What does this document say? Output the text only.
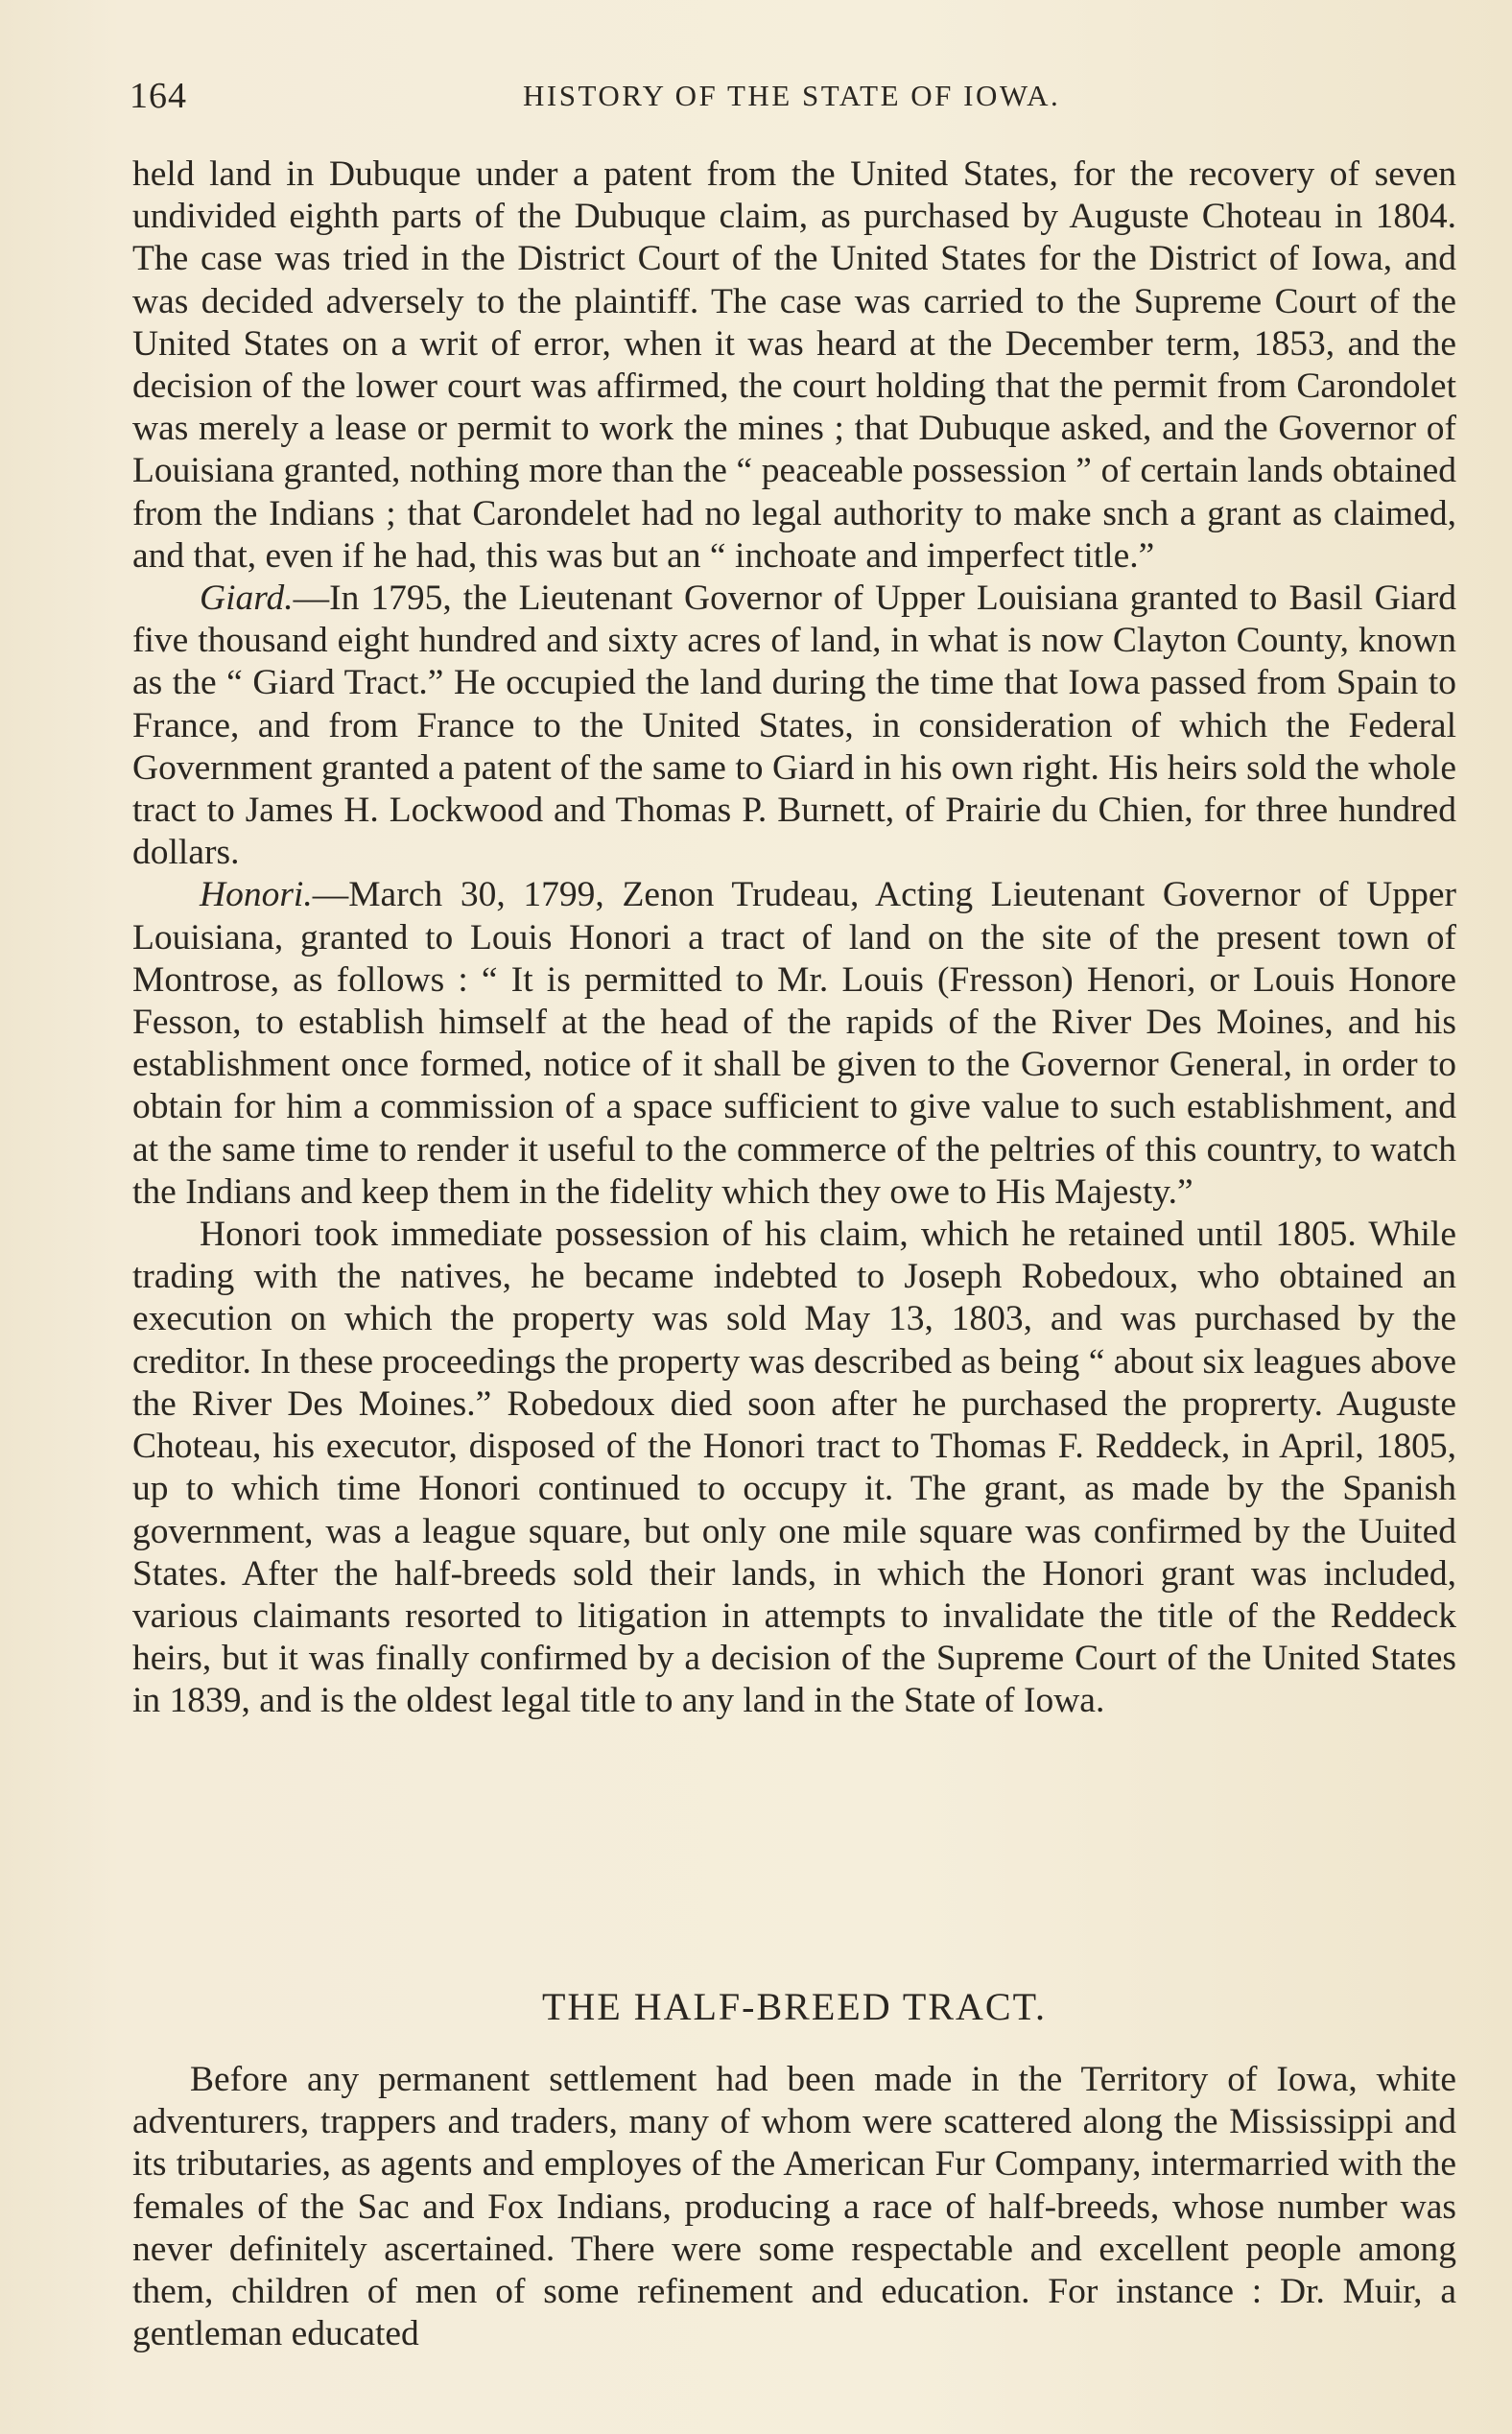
164	HISTORY OF THE STATE OF IOWA.

held land in Dubuque under a patent from the United States, for the recovery of seven undivided eighth parts of the Dubuque claim, as purchased by Auguste Choteau in 1804. The case was tried in the District Court of the United States for the District of Iowa, and was decided adversely to the plaintiff. The case was carried to the Supreme Court of the United States on a writ of error, when it was heard at the December term, 1853, and the decision of the lower court was affirmed, the court holding that the permit from Carondolet was merely a lease or permit to work the mines ; that Dubuque asked, and the Governor of Louisiana granted, nothing more than the “ peaceable possession ” of certain lands obtained from the Indians ; that Carondelet had no legal authority to make snch a grant as claimed, and that, even if he had, this was but an “ inchoate and imperfect title.”

Giard.—In 1795, the Lieutenant Governor of Upper Louisiana granted to Basil Giard five thousand eight hundred and sixty acres of land, in what is now Clayton County, known as the “ Giard Tract.” He occupied the land during the time that Iowa passed from Spain to France, and from France to the United States, in consideration of which the Federal Government granted a patent of the same to Giard in his own right. His heirs sold the whole tract to James H. Lockwood and Thomas P. Burnett, of Prairie du Chien, for three hundred dollars.

Honori.—March 30, 1799, Zenon Trudeau, Acting Lieutenant Governor of Upper Louisiana, granted to Louis Honori a tract of land on the site of the present town of Montrose, as follows : “ It is permitted to Mr. Louis (Fresson) Henori, or Louis Honore Fesson, to establish himself at the head of the rapids of the River Des Moines, and his establishment once formed, notice of it shall be given to the Governor General, in order to obtain for him a commission of a space sufficient to give value to such establishment, and at the same time to render it useful to the commerce of the peltries of this country, to watch the Indians and keep them in the fidelity which they owe to His Majesty.”

Honori took immediate possession of his claim, which he retained until 1805. While trading with the natives, he became indebted to Joseph Robedoux, who obtained an execution on which the property was sold May 13, 1803, and was purchased by the creditor. In these proceedings the property was described as being “ about six leagues above the River Des Moines.” Robedoux died soon after he purchased the proprerty. Auguste Choteau, his executor, disposed of the Honori tract to Thomas F. Reddeck, in April, 1805, up to which time Honori continued to occupy it. The grant, as made by the Spanish government, was a league square, but only one mile square was confirmed by the Uuited States. After the half-breeds sold their lands, in which the Honori grant was included, various claimants resorted to litigation in attempts to invalidate the title of the Reddeck heirs, but it was finally confirmed by a decision of the Supreme Court of the United States in 1839, and is the oldest legal title to any land in the State of Iowa.

THE HALF-BREED TRACT.

Before any permanent settlement had been made in the Territory of Iowa, white adventurers, trappers and traders, many of whom were scattered along the Mississippi and its tributaries, as agents and employes of the American Fur Company, intermarried with the females of the Sac and Fox Indians, producing a race of half-breeds, whose number was never definitely ascertained. There were some respectable and excellent people among them, children of men of some refinement and education. For instance : Dr. Muir, a gentleman educated
